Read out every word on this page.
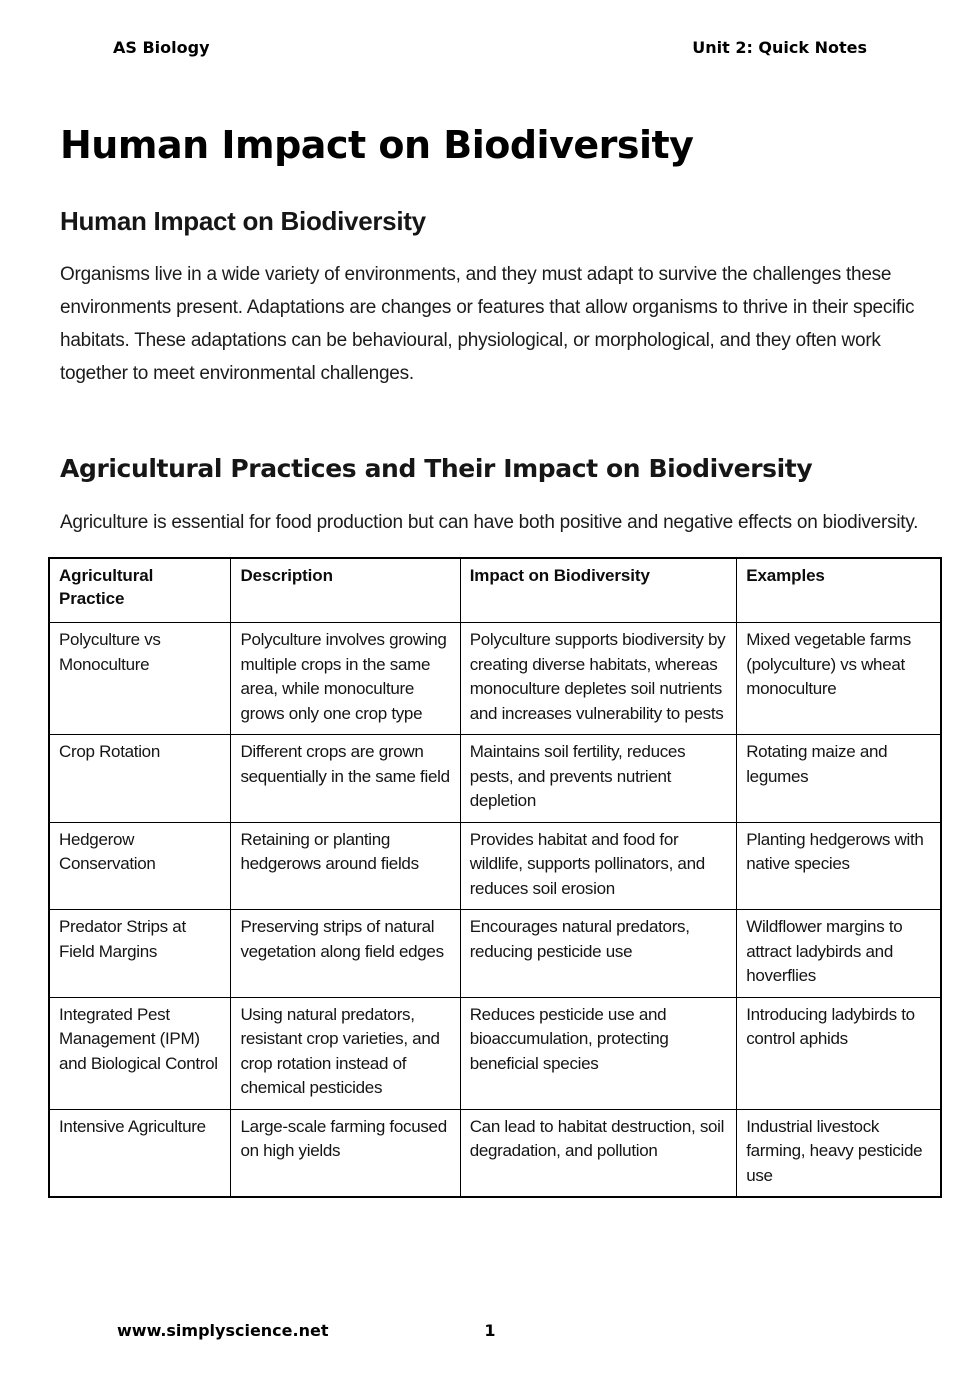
AS Biology	Unit 2: Quick Notes
Human Impact on Biodiversity
Human Impact on Biodiversity

Organisms live in a wide variety of environments, and they must adapt to survive the challenges these environments present. Adaptations are changes or features that allow organisms to thrive in their specific habitats. These adaptations can be behavioural, physiological, or morphological, and they often work together to meet environmental challenges.

Agricultural Practices and Their Impact on Biodiversity

Agriculture is essential for food production but can have both positive and negative effects on biodiversity.

Agricultural Practice	Description	Impact on Biodiversity	Examples
Polyculture vs Monoculture	Polyculture involves growing multiple crops in the same area, while monoculture grows only one crop type	Polyculture supports biodiversity by creating diverse habitats, whereas monoculture depletes soil nutrients and increases vulnerability to pests	Mixed vegetable farms (polyculture) vs wheat monoculture
Crop Rotation	Different crops are grown sequentially in the same field	Maintains soil fertility, reduces pests, and prevents nutrient depletion	Rotating maize and legumes
Hedgerow Conservation	Retaining or planting hedgerows around fields	Provides habitat and food for wildlife, supports pollinators, and reduces soil erosion	Planting hedgerows with native species
Predator Strips at Field Margins	Preserving strips of natural vegetation along field edges	Encourages natural predators, reducing pesticide use	Wildflower margins to attract ladybirds and hoverflies
Integrated Pest Management (IPM) and Biological Control	Using natural predators, resistant crop varieties, and crop rotation instead of chemical pesticides	Reduces pesticide use and bioaccumulation, protecting beneficial species	Introducing ladybirds to control aphids
Intensive Agriculture	Large-scale farming focused on high yields	Can lead to habitat destruction, soil degradation, and pollution	Industrial livestock farming, heavy pesticide use
www.simplyscience.net	1
